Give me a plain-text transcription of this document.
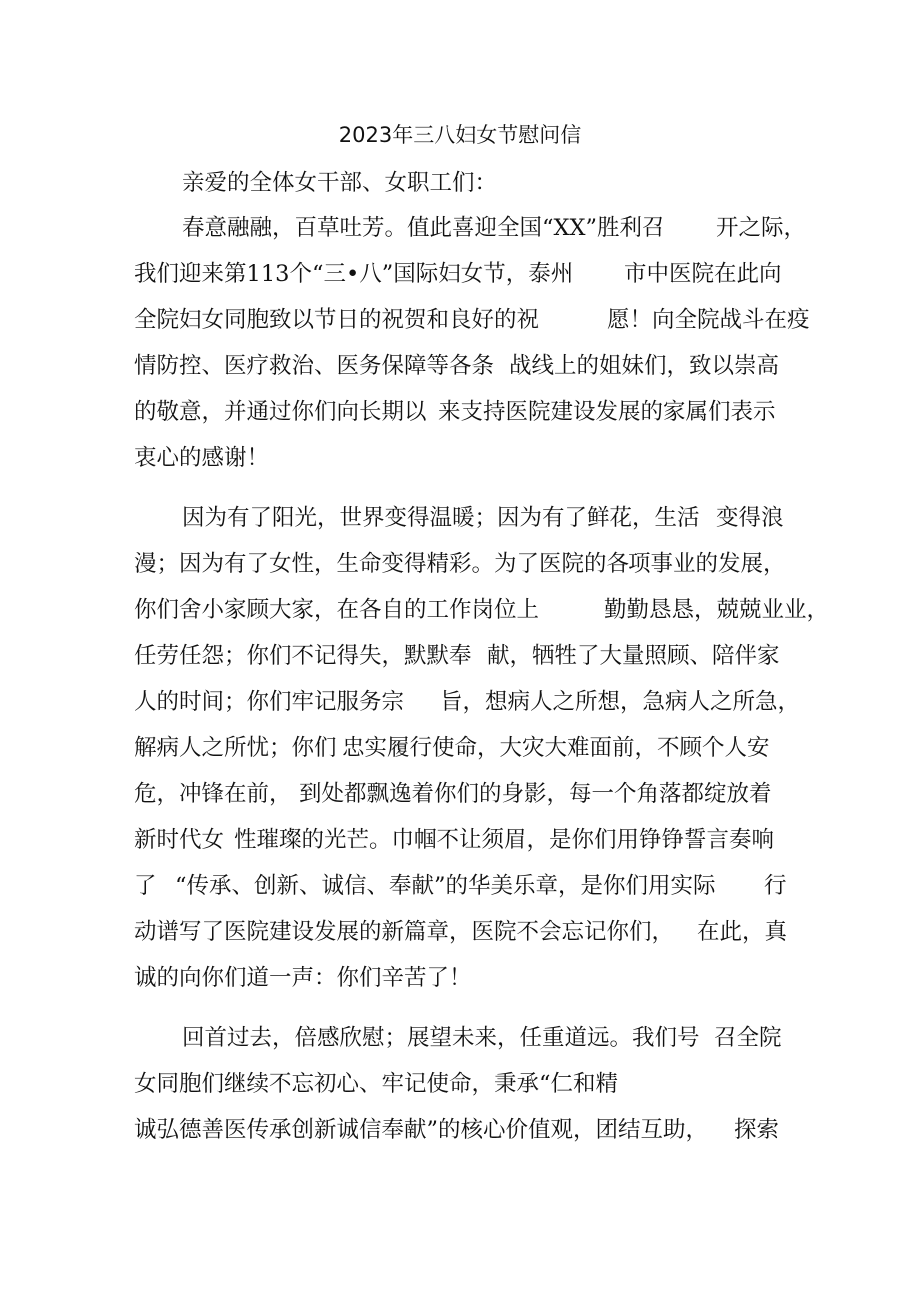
2023年三八妇女节慰问信
亲爱的全体女干部、女职工们：
春意融融，百草吐芳。值此喜迎全国“XX”胜利召 开之际，
我们迎来第113个“三•八”国际妇女节，泰州 市中医院在此向
全院妇女同胞致以节日的祝贺和良好的祝	愿！向全院战斗在疫
情防控、医疗救治、医务保障等各条 战线上的姐妹们，致以崇高
的敬意，并通过你们向长期以 来支持医院建设发展的家属们表示
衷心的感谢！
因为有了阳光，世界变得温暖；因为有了鲜花，生活 变得浪
漫；因为有了女性，生命变得精彩。为了医院的各
项事业的发展，
你们舍小家顾大家，在各自的工作岗位上	勤勤恳恳，兢兢业业，
任劳任怨；你们不记得失，默默奉 献，牺牲了大量照顾、陪伴家
人的时间；你们牢记服务宗 旨，想病人之所想，急病人之所急，
解病人之所忧；你们 忠实履行使命，大灾大难面前，不顾个人安
危，冲锋在前， 到处都飘逸着你们的身影，每一个角落都绽放着
新时代女 性璀璨的光芒。巾帼不让须眉，是你们用铮铮誓言奏响
了 “传承、创新、诚信、奉献”的华美乐章，是你们用实际 行
动谱写了医院建设发展的新篇章，医院不会忘记你们， 在此，真
诚的向你们道一声：你们辛苦了！
回首过去，倍感欣慰；展望未来，任重道远。我们号 召全院
女同胞们继续不忘初心、牢记使命，秉承“仁和精
诚弘德善医传承创新诚信奉献”的核心价值观，团结互助， 探索
